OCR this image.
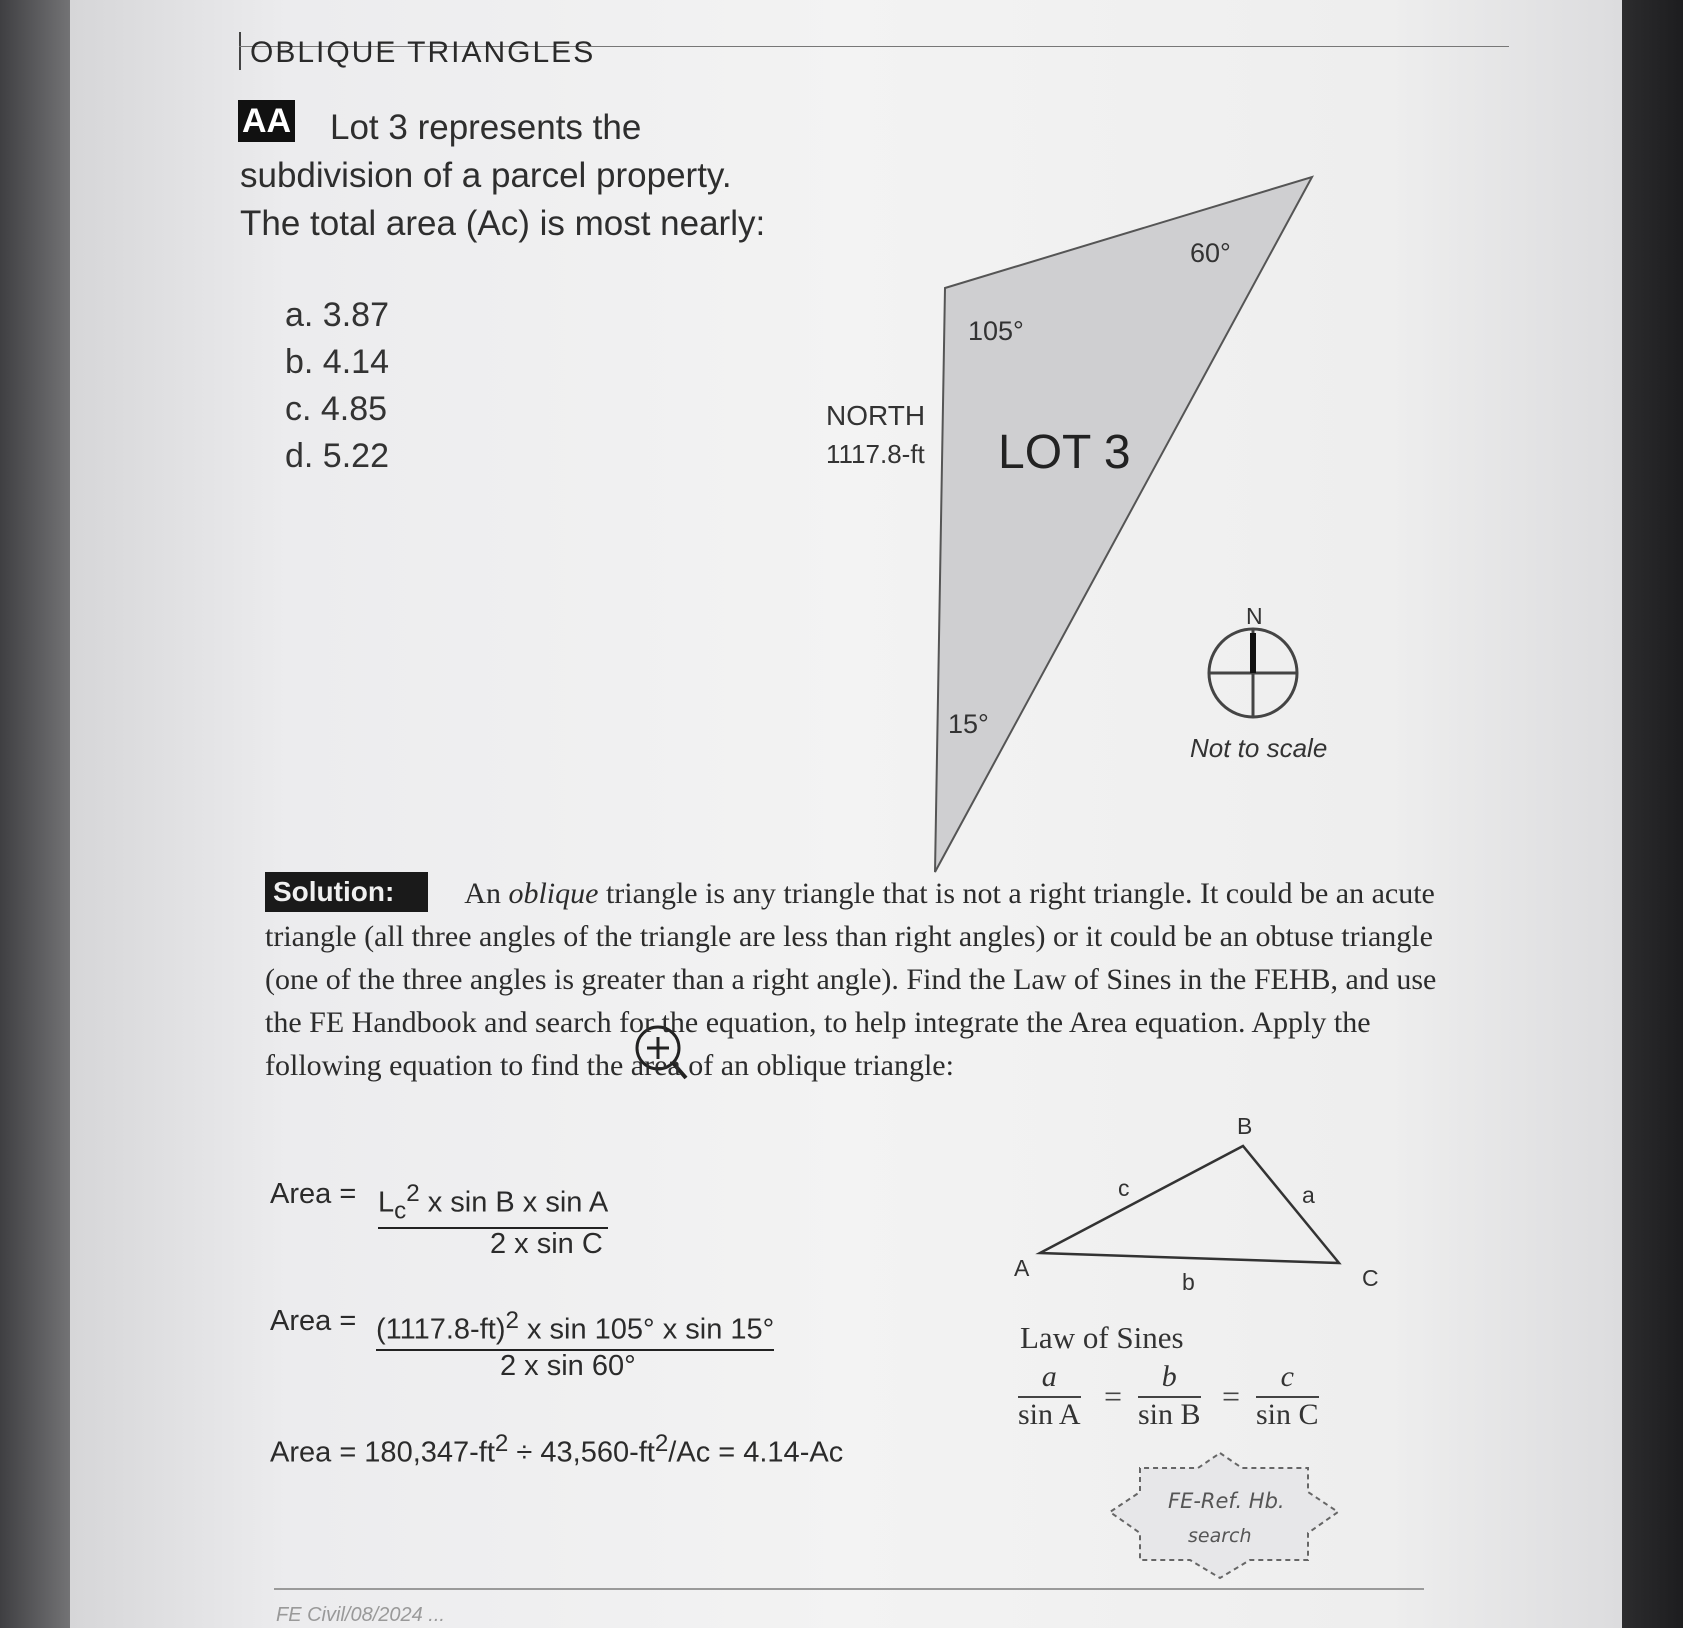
OBLIQUE TRIANGLES
Lot 3 represents the
subdivision of a parcel property.
The total area (Ac) is most nearly:
AA
a. 3.87
b. 4.14
c. 4.85
d. 5.22
60°
105°
15°
NORTH
1117.8-ft LOT 3
N
Not to scale
A
B
C
a
b
c
FE-Ref. Hb.
search
Solution: An oblique triangle is any triangle that is not a right triangle. It could be an acute triangle (all three angles of the triangle are less than right angles) or it could be an obtuse triangle (one of the three angles is greater than a right angle). Find the Law of Sines in the FEHB, and use the FE Handbook and search for the equation, to help integrate the Area equation. Apply the following equation to find the area of an oblique triangle:
Area = $L_c^2$ x sin B x sin A
2 x sin C
Area = $(1117.8-ft)^2$ x sin 105° x sin 15°
2 x sin 60°
Area = $180,347-ft^2 \div 43,560-ft^2/Ac = 4.14-Ac$
Law of Sines
$\frac{a}{\text{sin A}} = \frac{b}{\text{sin B}} = \frac{c}{\text{sin C}}$
FE Civil/08/2024 ...
